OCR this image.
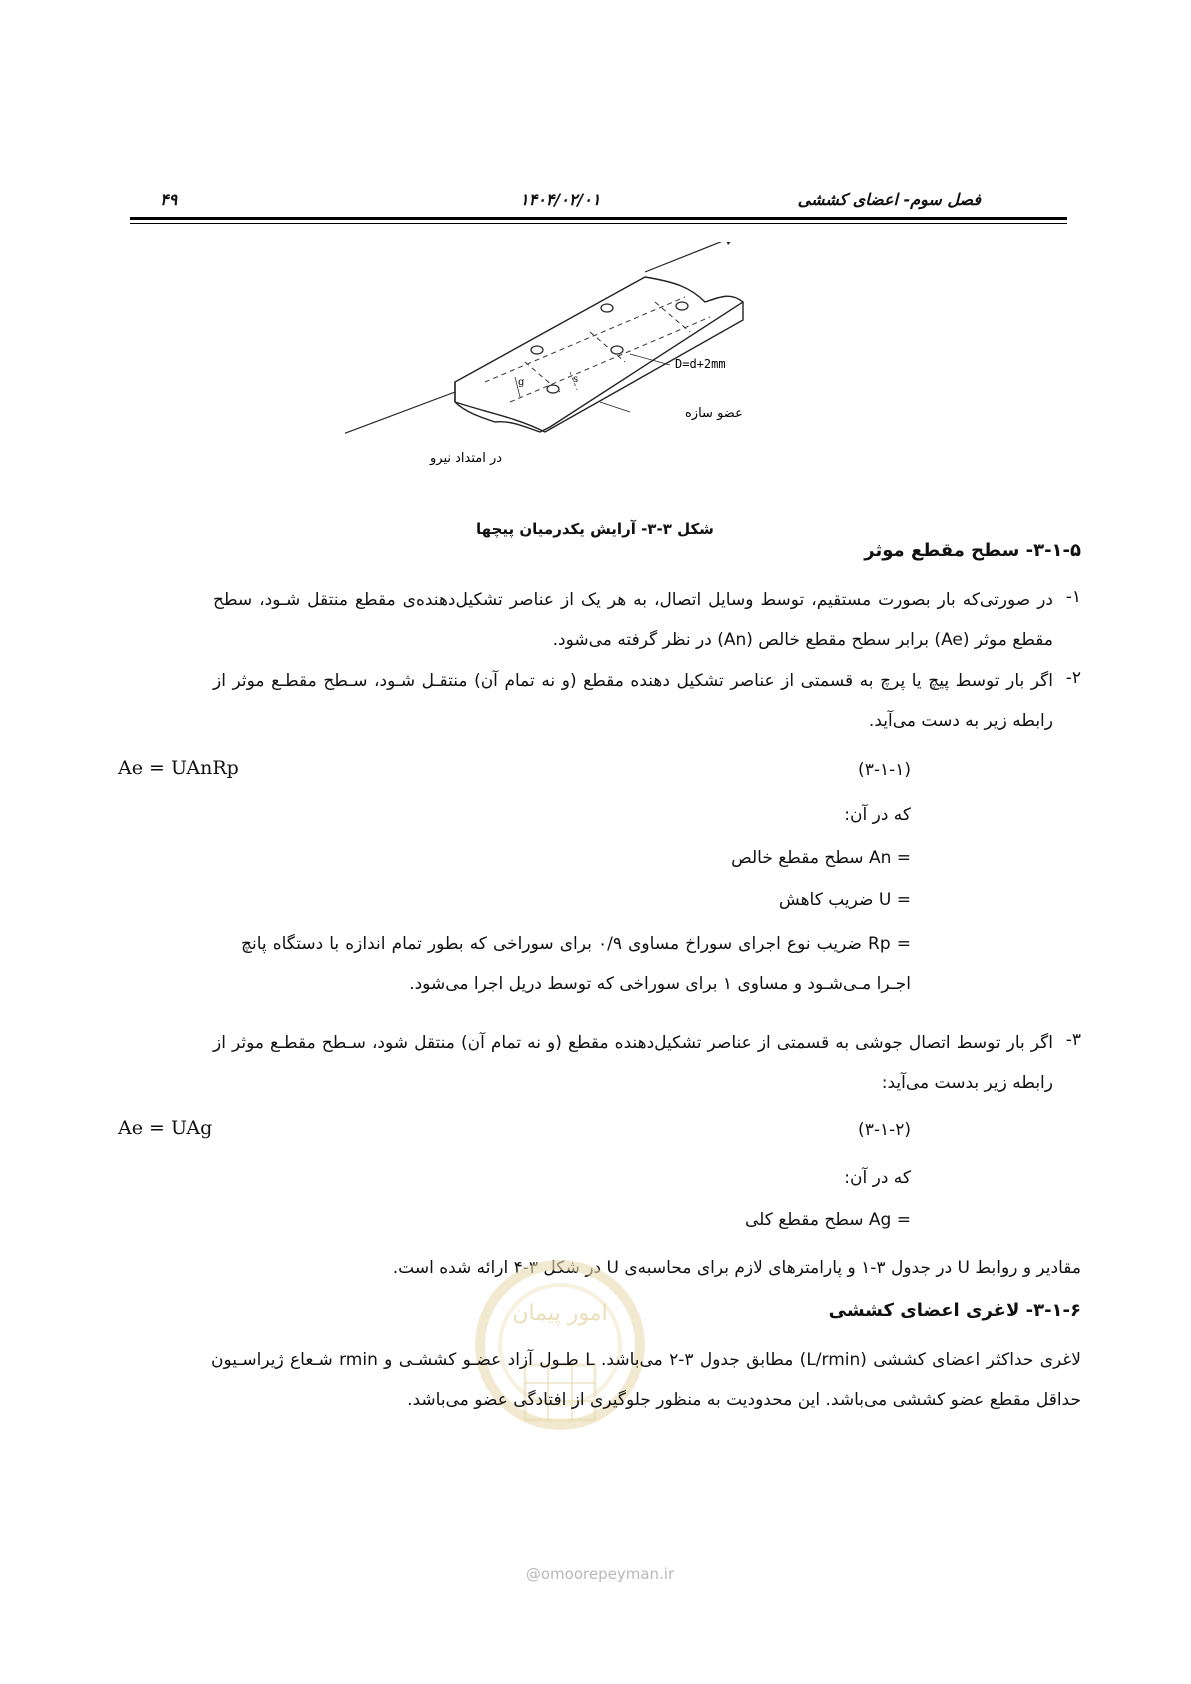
فصل سوم- اعضای کششی
۱۴۰۴/۰۲/۰۱
۴۹
g	s
D=d+2mm
عضو سازه
در امتداد نیرو
شکل ۳-۳- آرایش یکدرمیان پیچها
۳-۱-۵- سطح مقطع موثر
۱-
در صورتی‌که بار بصورت مستقیم، توسط وسایل اتصال، به هر یک از عناصر تشکیل‌دهنده‌ی مقطع منتقل شـود، سطح مقطع موثر (Ae) برابر سطح مقطع خالص (An) در نظر گرفته می‌شود.
۲-
اگر بار توسط پیچ یا پرچ به قسمتی از عناصر تشکیل دهنده مقطع (و نه تمام آن) منتقـل شـود، سـطح مقطـع موثر از رابطه زیر به دست می‌آید.
(۳-۱-۱)
Ae = UAnRp
که در آن:
= An سطح مقطع خالص
= U ضریب کاهش
= Rp ضریب نوع اجرای سوراخ مساوی ۰/۹ برای سوراخی که بطور تمام اندازه با دستگاه پانچ اجـرا مـی‌شـود و مساوی ۱ برای سوراخی که توسط دریل اجرا می‌شود.
۳-
اگر بار توسط اتصال جوشی به قسمتی از عناصر تشکیل‌دهنده مقطع (و نه تمام آن) منتقل شود، سـطح مقطـع موثر از رابطه زیر بدست می‌آید:
(۳-۱-۲)
Ae = UAg
که در آن:
= Ag سطح مقطع کلی
مقادیر و روابط U در جدول ۳-۱ و پارامترهای لازم برای محاسبه‌ی U در شکل ۳-۴ ارائه شده است.
امور پیمان	۳-۱-۶- لاغری اعضای کششی
لاغری حداکثر اعضای کششی (L/rmin) مطابق جدول ۳-۲ می‌باشد. L طـول آزاد عضـو کششـی و rmin شـعاع ژیراسـیون حداقل مقطع عضو کششی می‌باشد. این محدودیت به منظور جلوگیری از افتادگی عضو می‌باشد.
@omoorepeyman.ir
